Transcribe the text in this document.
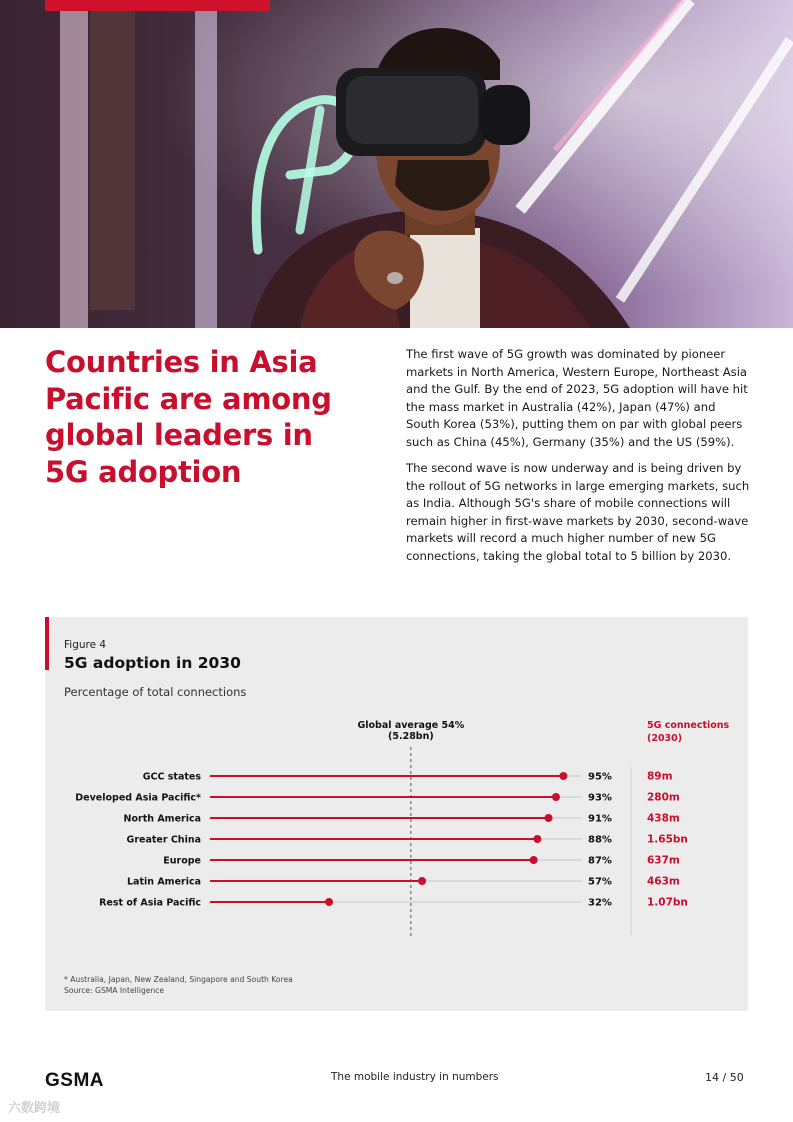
Countries in Asia Pacific are among global leaders in 5G adoption

The first wave of 5G growth was dominated by pioneer markets in North America, Western Europe, Northeast Asia and the Gulf. By the end of 2023, 5G adoption will have hit the mass market in Australia (42%), Japan (47%) and South Korea (53%), putting them on par with global peers such as China (45%), Germany (35%) and the US (59%).

The second wave is now underway and is being driven by the rollout of 5G networks in large emerging markets, such as India. Although 5G's share of mobile connections will remain higher in first-wave markets by 2030, second-wave markets will record a much higher number of new 5G connections, taking the global total to 5 billion by 2030.

Figure 4
5G adoption in 2030
Percentage of total connections
Global average 54%
(5.28bn)
5G connections
(2030)
GCC states	95%	89m
Developed Asia Pacific*	93%	280m
North America	91%	438m
Greater China	88%	1.65bn
Europe	87%	637m
Latin America	57%	463m
Rest of Asia Pacific	32%	1.07bn
* Australia, Japan, New Zealand, Singapore and South Korea
Source: GSMA Intelligence
GSMA	The mobile industry in numbers	14 / 50
六数跨境
